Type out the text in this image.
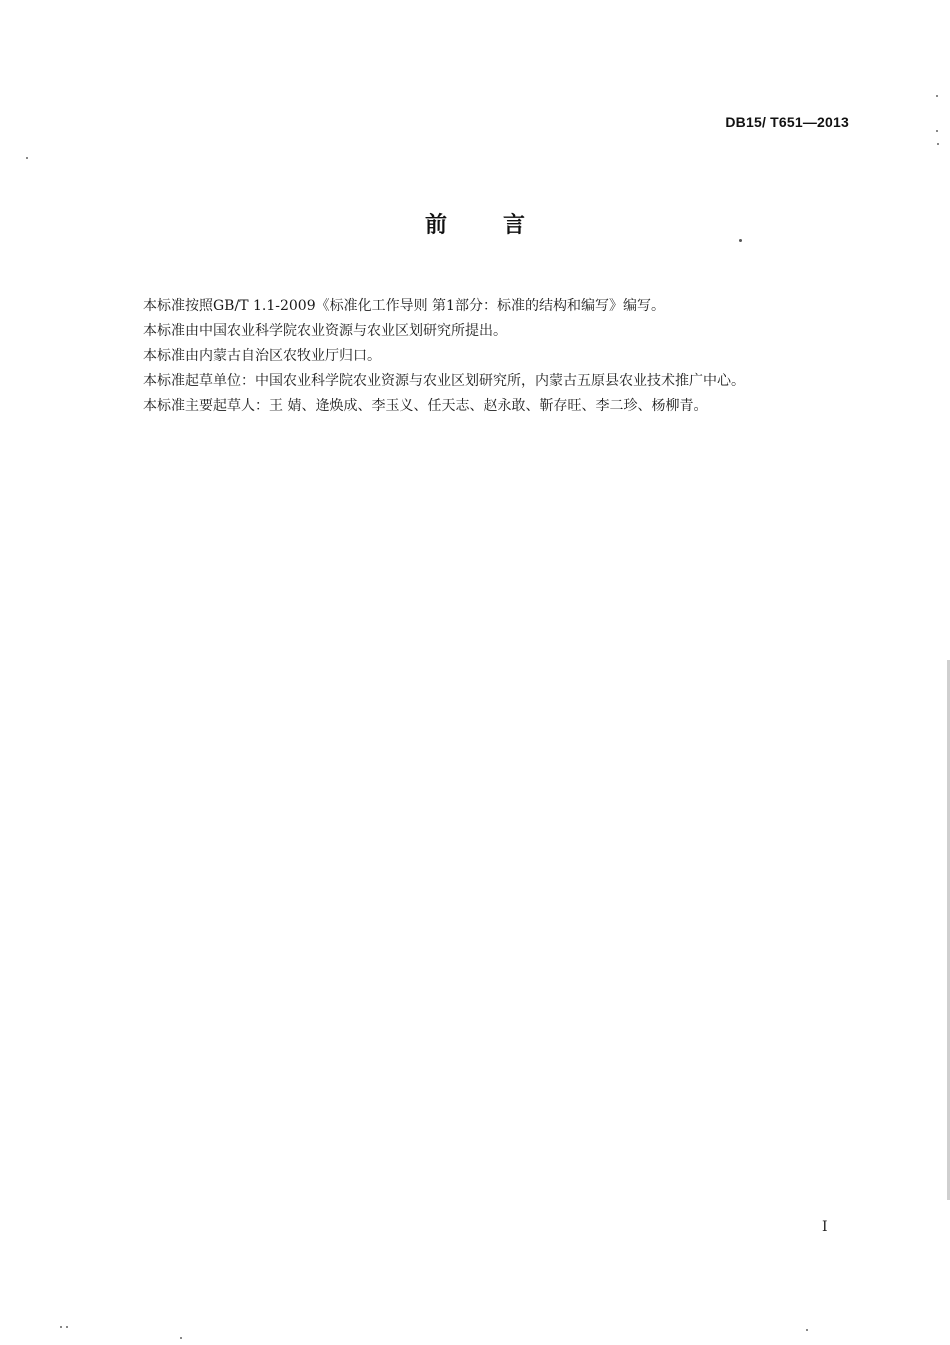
DB15/ T651—2013
前	言
本标准按照GB/T 1.1-2009《标准化工作导则 第1部分：标准的结构和编写》编写。
本标准由中国农业科学院农业资源与农业区划研究所提出。
本标准由内蒙古自治区农牧业厅归口。
本标准起草单位：中国农业科学院农业资源与农业区划研究所，内蒙古五原县农业技术推广中心。
本标准主要起草人：王 婧、逄焕成、李玉义、任天志、赵永敢、靳存旺、李二珍、杨柳青。
I
